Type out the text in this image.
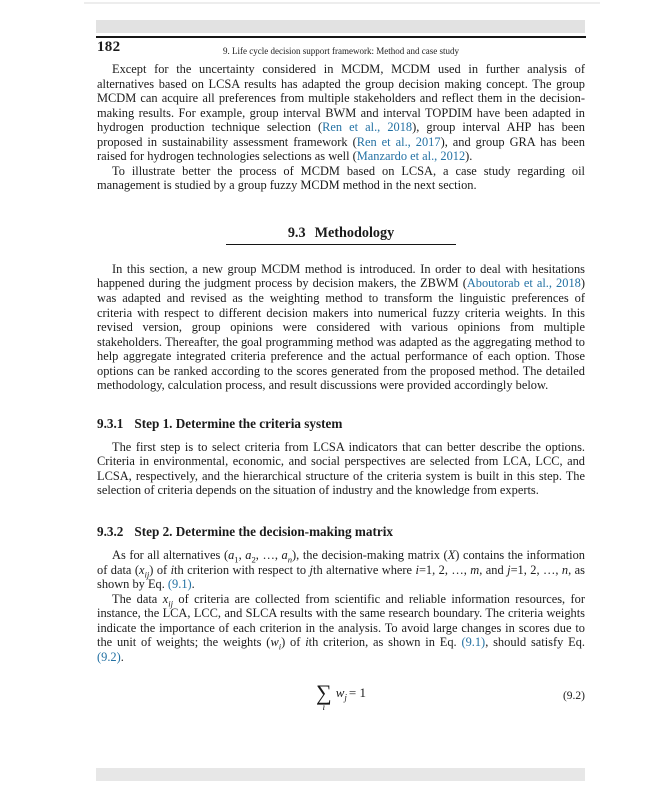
182	9. Life cycle decision support framework: Method and case study

Except for the uncertainty considered in MCDM, MCDM used in further analysis of alternatives based on LCSA results has adapted the group decision making concept. The group MCDM can acquire all preferences from multiple stakeholders and reflect them in the decision-making results. For example, group interval BWM and interval TOPDIM have been adapted in hydrogen production technique selection (Ren et al., 2018), group interval AHP has been proposed in sustainability assessment framework (Ren et al., 2017), and group GRA has been raised for hydrogen technologies selections as well (Manzardo et al., 2012).

To illustrate better the process of MCDM based on LCSA, a case study regarding oil management is studied by a group fuzzy MCDM method in the next section.

9.3 Methodology

In this section, a new group MCDM method is introduced. In order to deal with hesitations happened during the judgment process by decision makers, the ZBWM (Aboutorab et al., 2018) was adapted and revised as the weighting method to transform the linguistic preferences of criteria with respect to different decision makers into numerical fuzzy criteria weights. In this revised version, group opinions were considered with various opinions from multiple stakeholders. Thereafter, the goal programming method was adapted as the aggregating method to help aggregate integrated criteria preference and the actual performance of each option. Those options can be ranked according to the scores generated from the proposed method. The detailed methodology, calculation process, and result discussions were provided accordingly below.

9.3.1 Step 1. Determine the criteria system

The first step is to select criteria from LCSA indicators that can better describe the options. Criteria in environmental, economic, and social perspectives are selected from LCA, LCC, and LCSA, respectively, and the hierarchical structure of the criteria system is built in this step. The selection of criteria depends on the situation of industry and the knowledge from experts.

9.3.2 Step 2. Determine the decision-making matrix

As for all alternatives ($a_1$, $a_2$, …, $a_n$), the decision-making matrix (X) contains the information of data $(x_{ij})$ of ith criterion with respect to jth alternative where i=1, 2, …, m, and j=1, 2, …, n, as shown by Eq. (9.1).

The data $x_{ij}$ of criteria are collected from scientific and reliable information resources, for instance, the LCA, LCC, and SLCA results with the same research boundary. The criteria weights indicate the importance of each criterion in the analysis. To avoid large changes in scores due to the unit of weights; the weights $(w_i)$ of ith criterion, as shown in Eq. (9.1), should satisfy Eq. (9.2).

∑
i
$w_j = 1$	(9.2)
